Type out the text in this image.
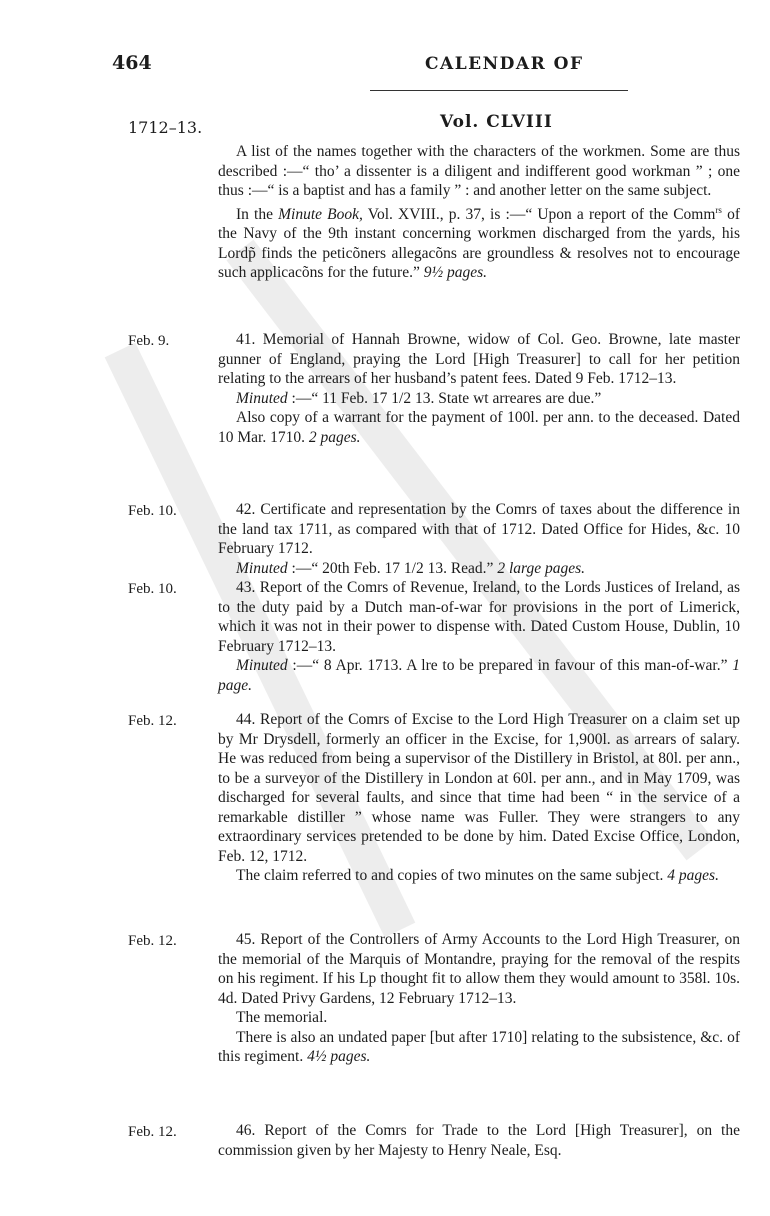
464	CALENDAR OF
1712–13.	Vol. CLVIII

A list of the names together with the characters of the workmen. Some are thus described :—“ tho’ a dissenter is a diligent and indifferent good workman ” ; one thus :—“ is a baptist and has a family ” : and another letter on the same subject.

In the Minute Book, Vol. XVIII., p. 37, is :—“ Upon a report of the Comm$^{rs}$ of the Navy of the 9th instant concerning workmen discharged from the yards, his Lordp̃ finds the peticõners allegacõns are groundless & resolves not to encourage such applicacõns for the future.” 9½ pages.

Feb. 9.	41. Memorial of Hannah Browne, widow of Col. Geo. Browne, late master gunner of England, praying the Lord [High Treasurer] to call for her petition relating to the arrears of her husband’s patent fees. Dated 9 Feb. 1712–13.

Minuted :—“ 11 Feb. 17 1/2 13. State wt arreares are due.”

Also copy of a warrant for the payment of 100l. per ann. to the deceased. Dated 10 Mar. 1710. 2 pages.

Feb. 10.	42. Certificate and representation by the Comrs of taxes about the difference in the land tax 1711, as compared with that of 1712. Dated Office for Hides, &c. 10 February 1712.

Minuted :—“ 20th Feb. 17 1/2 13. Read.” 2 large pages.

Feb. 10.	43. Report of the Comrs of Revenue, Ireland, to the Lords Justices of Ireland, as to the duty paid by a Dutch man-of-war for provisions in the port of Limerick, which it was not in their power to dispense with. Dated Custom House, Dublin, 10 February 1712–13.

Minuted :—“ 8 Apr. 1713. A lre to be prepared in favour of this man-of-war.” 1 page.

Feb. 12.	44. Report of the Comrs of Excise to the Lord High Treasurer on a claim set up by Mr Drysdell, formerly an officer in the Excise, for 1,900l. as arrears of salary. He was reduced from being a supervisor of the Distillery in Bristol, at 80l. per ann., to be a surveyor of the Distillery in London at 60l. per ann., and in May 1709, was discharged for several faults, and since that time had been “ in the service of a remarkable distiller ” whose name was Fuller. They were strangers to any extraordinary services pretended to be done by him. Dated Excise Office, London, Feb. 12, 1712.

The claim referred to and copies of two minutes on the same subject. 4 pages.

Feb. 12.	45. Report of the Controllers of Army Accounts to the Lord High Treasurer, on the memorial of the Marquis of Montandre, praying for the removal of the respits on his regiment. If his Lp thought fit to allow them they would amount to 358l. 10s. 4d. Dated Privy Gardens, 12 February 1712–13.

The memorial.

There is also an undated paper [but after 1710] relating to the subsistence, &c. of this regiment. 4½ pages.

Feb. 12.	46. Report of the Comrs for Trade to the Lord [High Treasurer], on the commission given by her Majesty to Henry Neale, Esq.
